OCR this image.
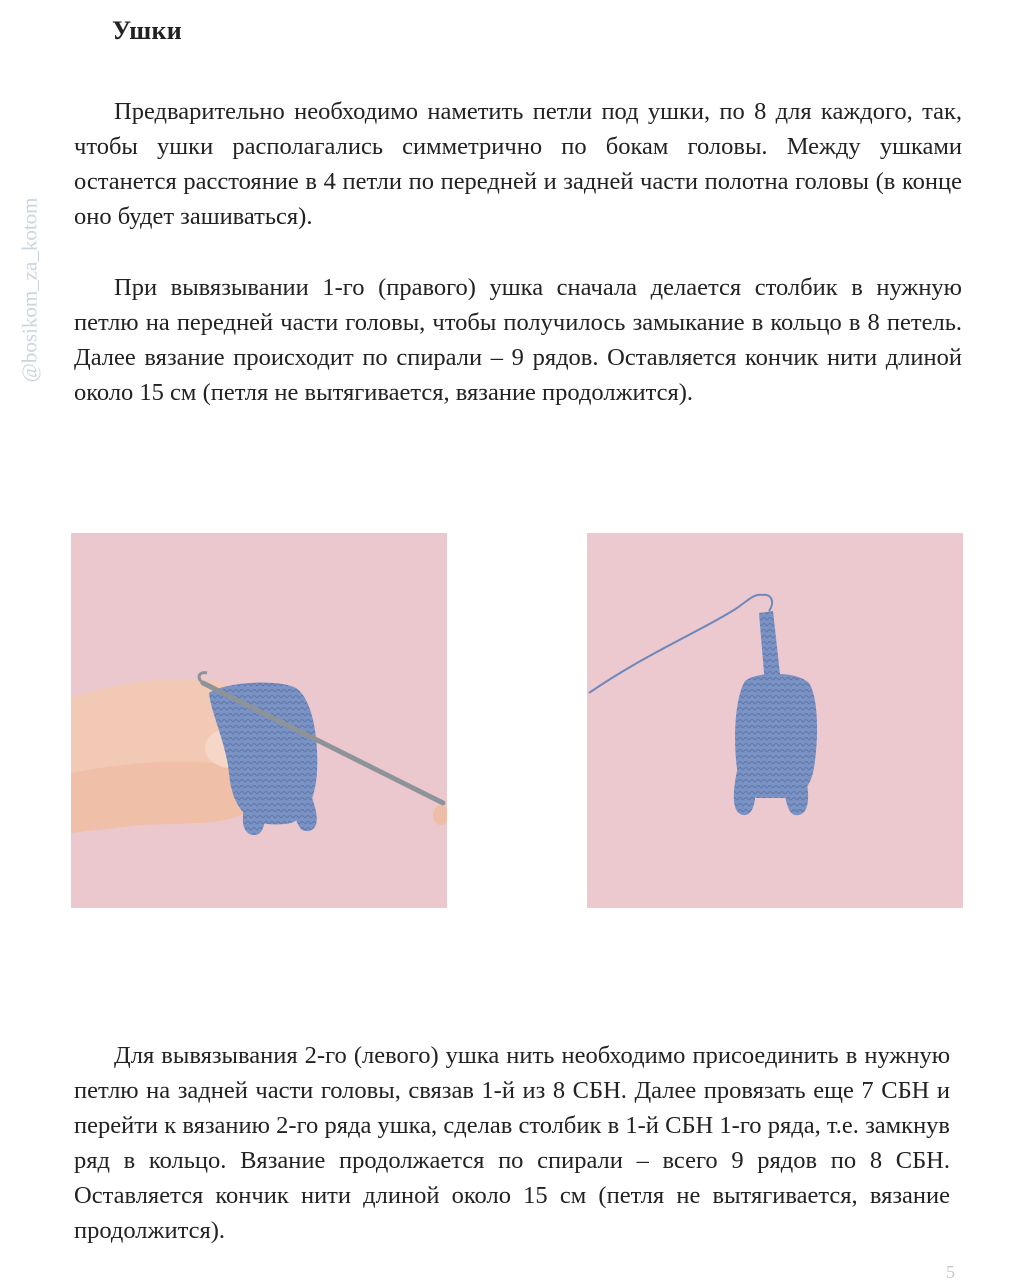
@bosikom_za_kotom
Ушки

Предварительно необходимо наметить петли под ушки, по 8 для каждого, так, чтобы ушки располагались симметрично по бокам головы. Между ушками останется расстояние в 4 петли по передней и задней части полотна головы (в конце оно будет зашиваться).

При вывязывании 1-го (правого) ушка сначала делается столбик в нужную петлю на передней части головы, чтобы получилось замыкание в кольцо в 8 петель. Далее вязание происходит по спирали – 9 рядов. Оставляется кончик нити длиной около 15 см (петля не вытягивается, вязание продолжится).

Для вывязывания 2-го (левого) ушка нить необходимо присоединить в нужную петлю на задней части головы, связав 1-й из 8 СБН. Далее провязать еще 7 СБН и перейти к вязанию 2-го ряда ушка, сделав столбик в 1-й СБН 1-го ряда, т.е. замкнув ряд в кольцо. Вязание продолжается по спирали – всего 9 рядов по 8 СБН. Оставляется кончик нити длиной около 15 см (петля не вытягивается, вязание продолжится).

5
